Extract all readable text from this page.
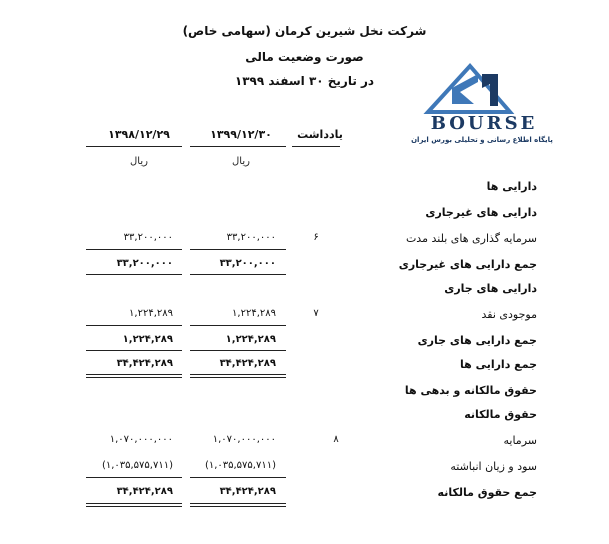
شرکت نخل شیرین کرمان (سهامی خاص)
صورت وضعیت مالی
در تاریخ ۳۰ اسفند ۱۳۹۹
BOURSE
پایگاه اطلاع رسانی و تحلیلی بورس ایران
یادداشت
۱۳۹۹/۱۲/۳۰
۱۳۹۸/۱۲/۲۹
ریال
ریال
دارایی ها
دارایی های غیرجاری
سرمایه گذاری های بلند مدت
۶
۳۳,۲۰۰,۰۰۰
۳۳,۲۰۰,۰۰۰
جمع دارایی های غیرجاری
۳۳,۲۰۰,۰۰۰
۳۳,۲۰۰,۰۰۰
دارایی های جاری
موجودی نقد
۷
۱,۲۲۴,۲۸۹
۱,۲۲۴,۲۸۹
جمع دارایی های جاری
۱,۲۲۴,۲۸۹
۱,۲۲۴,۲۸۹
جمع دارایی ها
۳۴,۴۲۴,۲۸۹
۳۴,۴۲۴,۲۸۹
حقوق مالکانه و بدهی ها
حقوق مالکانه
سرمایه
۸
۱,۰۷۰,۰۰۰,۰۰۰
۱,۰۷۰,۰۰۰,۰۰۰
سود و زیان انباشته
(۱,۰۳۵,۵۷۵,۷۱۱)
(۱,۰۳۵,۵۷۵,۷۱۱)
جمع حقوق مالکانه
۳۴,۴۲۴,۲۸۹
۳۴,۴۲۴,۲۸۹
